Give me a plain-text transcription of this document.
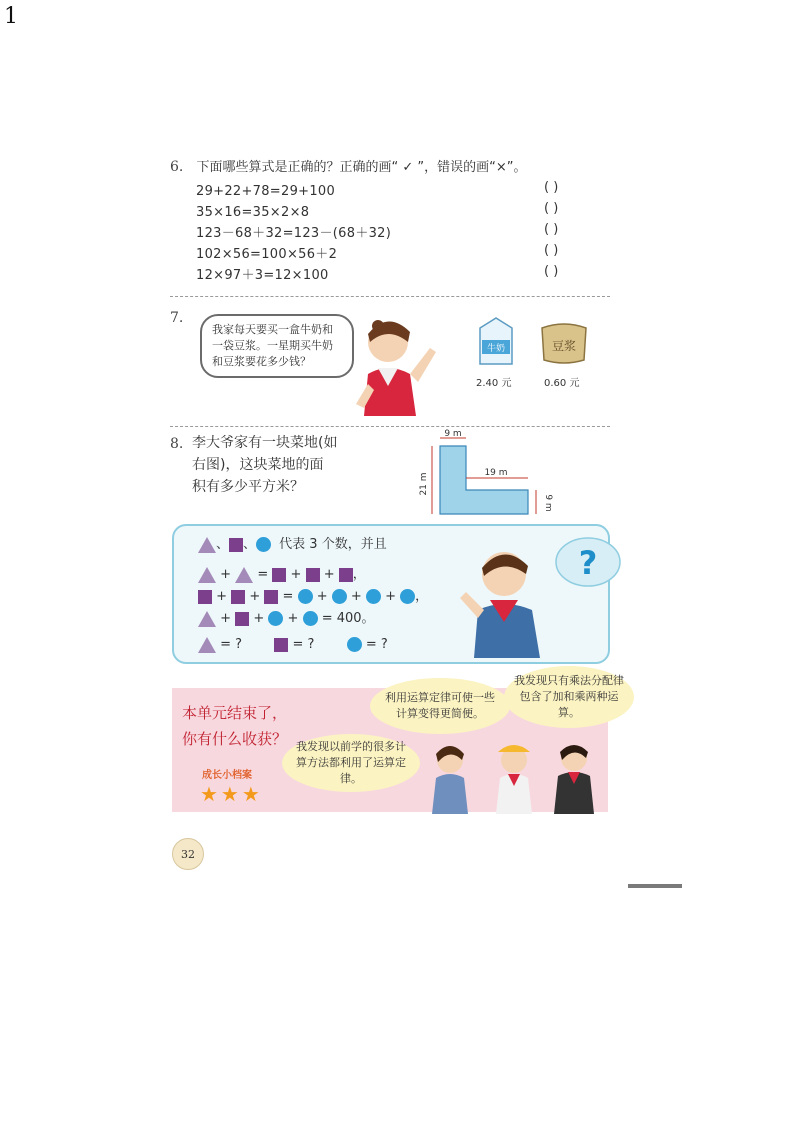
1
6. 下面哪些算式是正确的？正确的画“ ✓ ”，错误的画“×”。
29+22+78=29+100	( )
35×16=35×2×8	( )
123－68＋32=123－(68＋32)	( )
102×56=100×56＋2	( )
12×97＋3=12×100	( )
7.
我家每天要买一盒牛奶和一袋豆浆。一星期买牛奶和豆浆要花多少钱？
牛奶
2.40 元
豆浆
0.60 元
8. 李大爷家有一块菜地(如
右图)，这块菜地的面
积有多少平方米？
9 m
21 m	19 m
9 m
、 、 代表 3 个数，并且
+ = + + ，
+ + = + + + ，
+ + + = 400。
= ?	= ?	= ?
?
本单元结束了，
你有什么收获？
成长小档案
★★★
利用运算定律可使一些计算变得更简便。
我发现只有乘法分配律包含了加和乘两种运算。
我发现以前学的很多计算方法都利用了运算定律。
32
